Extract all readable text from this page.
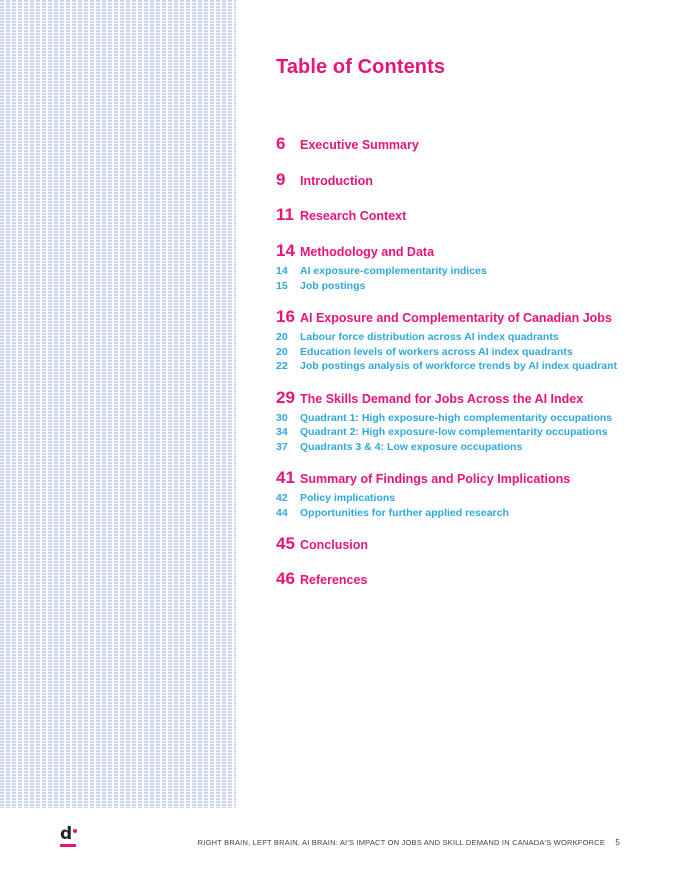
Table of Contents
6	Executive Summary
9	Introduction
11 Research Context
14 Methodology and Data
14	AI exposure-complementarity indices
15	Job postings
16 AI Exposure and Complementarity of Canadian Jobs
20	Labour force distribution across AI index quadrants
20	Education levels of workers across AI index quadrants
22	Job postings analysis of workforce trends by AI index quadrant
29 The Skills Demand for Jobs Across the AI Index
30	Quadrant 1: High exposure-high complementarity occupations
34	Quadrant 2: High exposure-low complementarity occupations
37	Quadrants 3 & 4: Low exposure occupations
41 Summary of Findings and Policy Implications
42	Policy implications
44	Opportunities for further applied research
45 Conclusion
46 References
d	RIGHT BRAIN, LEFT BRAIN, AI BRAIN: AI'S IMPACT ON JOBS AND SKILL DEMAND IN CANADA'S WORKFORCE 5
